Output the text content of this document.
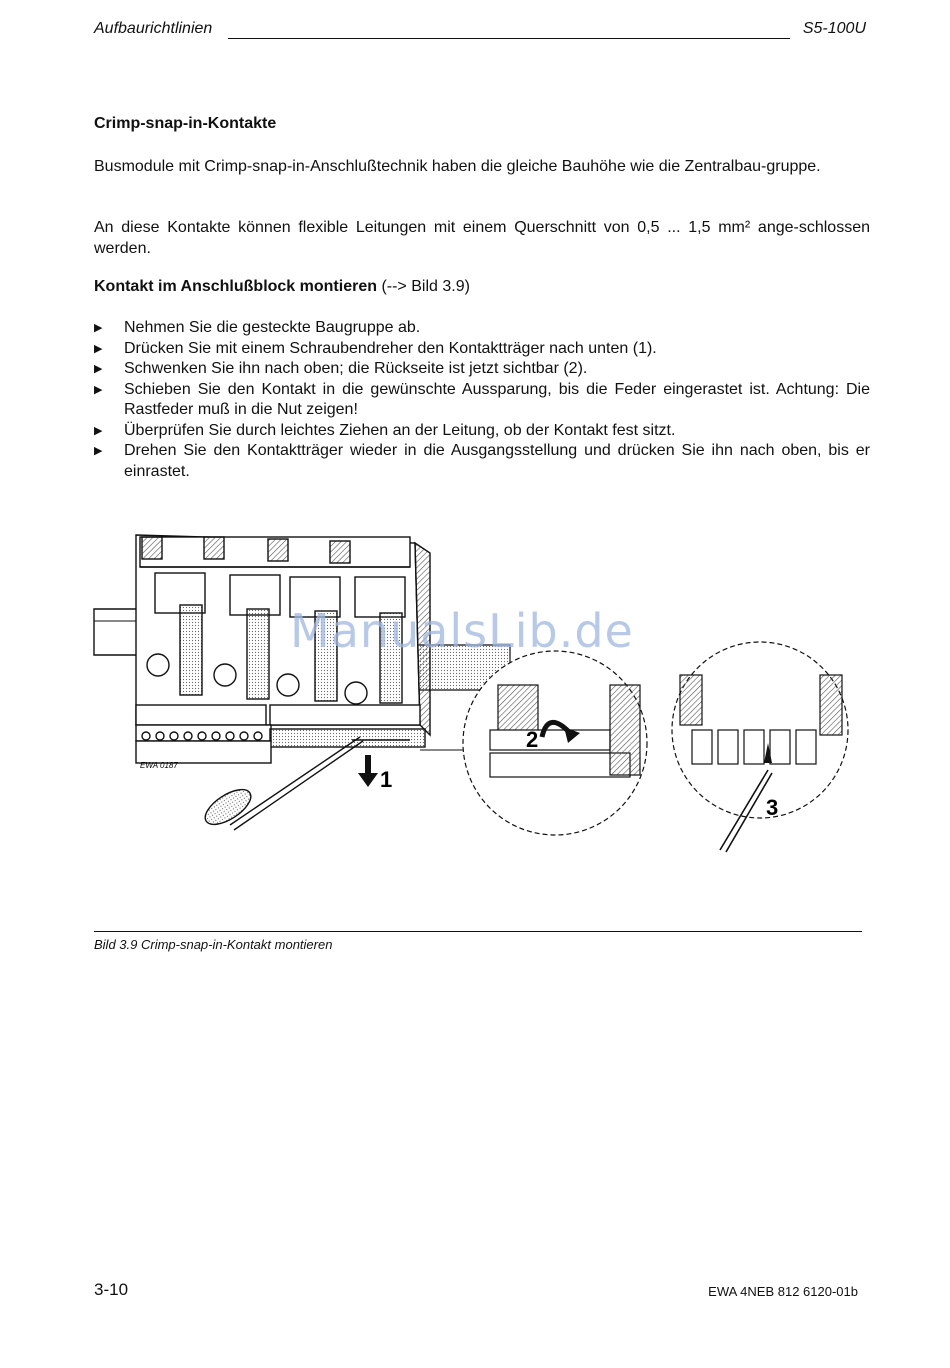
Aufbaurichtlinien	S5-100U
Crimp-snap-in-Kontakte
Busmodule mit Crimp-snap-in-Anschlußtechnik haben die gleiche Bauhöhe wie die Zentralbau-gruppe.
An diese Kontakte können flexible Leitungen mit einem Querschnitt von 0,5 ... 1,5 mm² ange-schlossen werden.
Kontakt im Anschlußblock montieren (--> Bild 3.9)
▶ Nehmen Sie die gesteckte Baugruppe ab.
▶ Drücken Sie mit einem Schraubendreher den Kontaktträger nach unten (1).
▶ Schwenken Sie ihn nach oben; die Rückseite ist jetzt sichtbar (2).
▶ Schieben Sie den Kontakt in die gewünschte Aussparung, bis die Feder eingerastet ist. Achtung: Die Rastfeder muß in die Nut zeigen!
▶ Überprüfen Sie durch leichtes Ziehen an der Leitung, ob der Kontakt fest sitzt.
▶ Drehen Sie den Kontaktträger wieder in die Ausgangsstellung und drücken Sie ihn nach oben, bis er einrastet.
EWA 0187
1
2
3
ManualsLib.de
Bild 3.9 Crimp-snap-in-Kontakt montieren
3-10	EWA 4NEB 812 6120-01b
